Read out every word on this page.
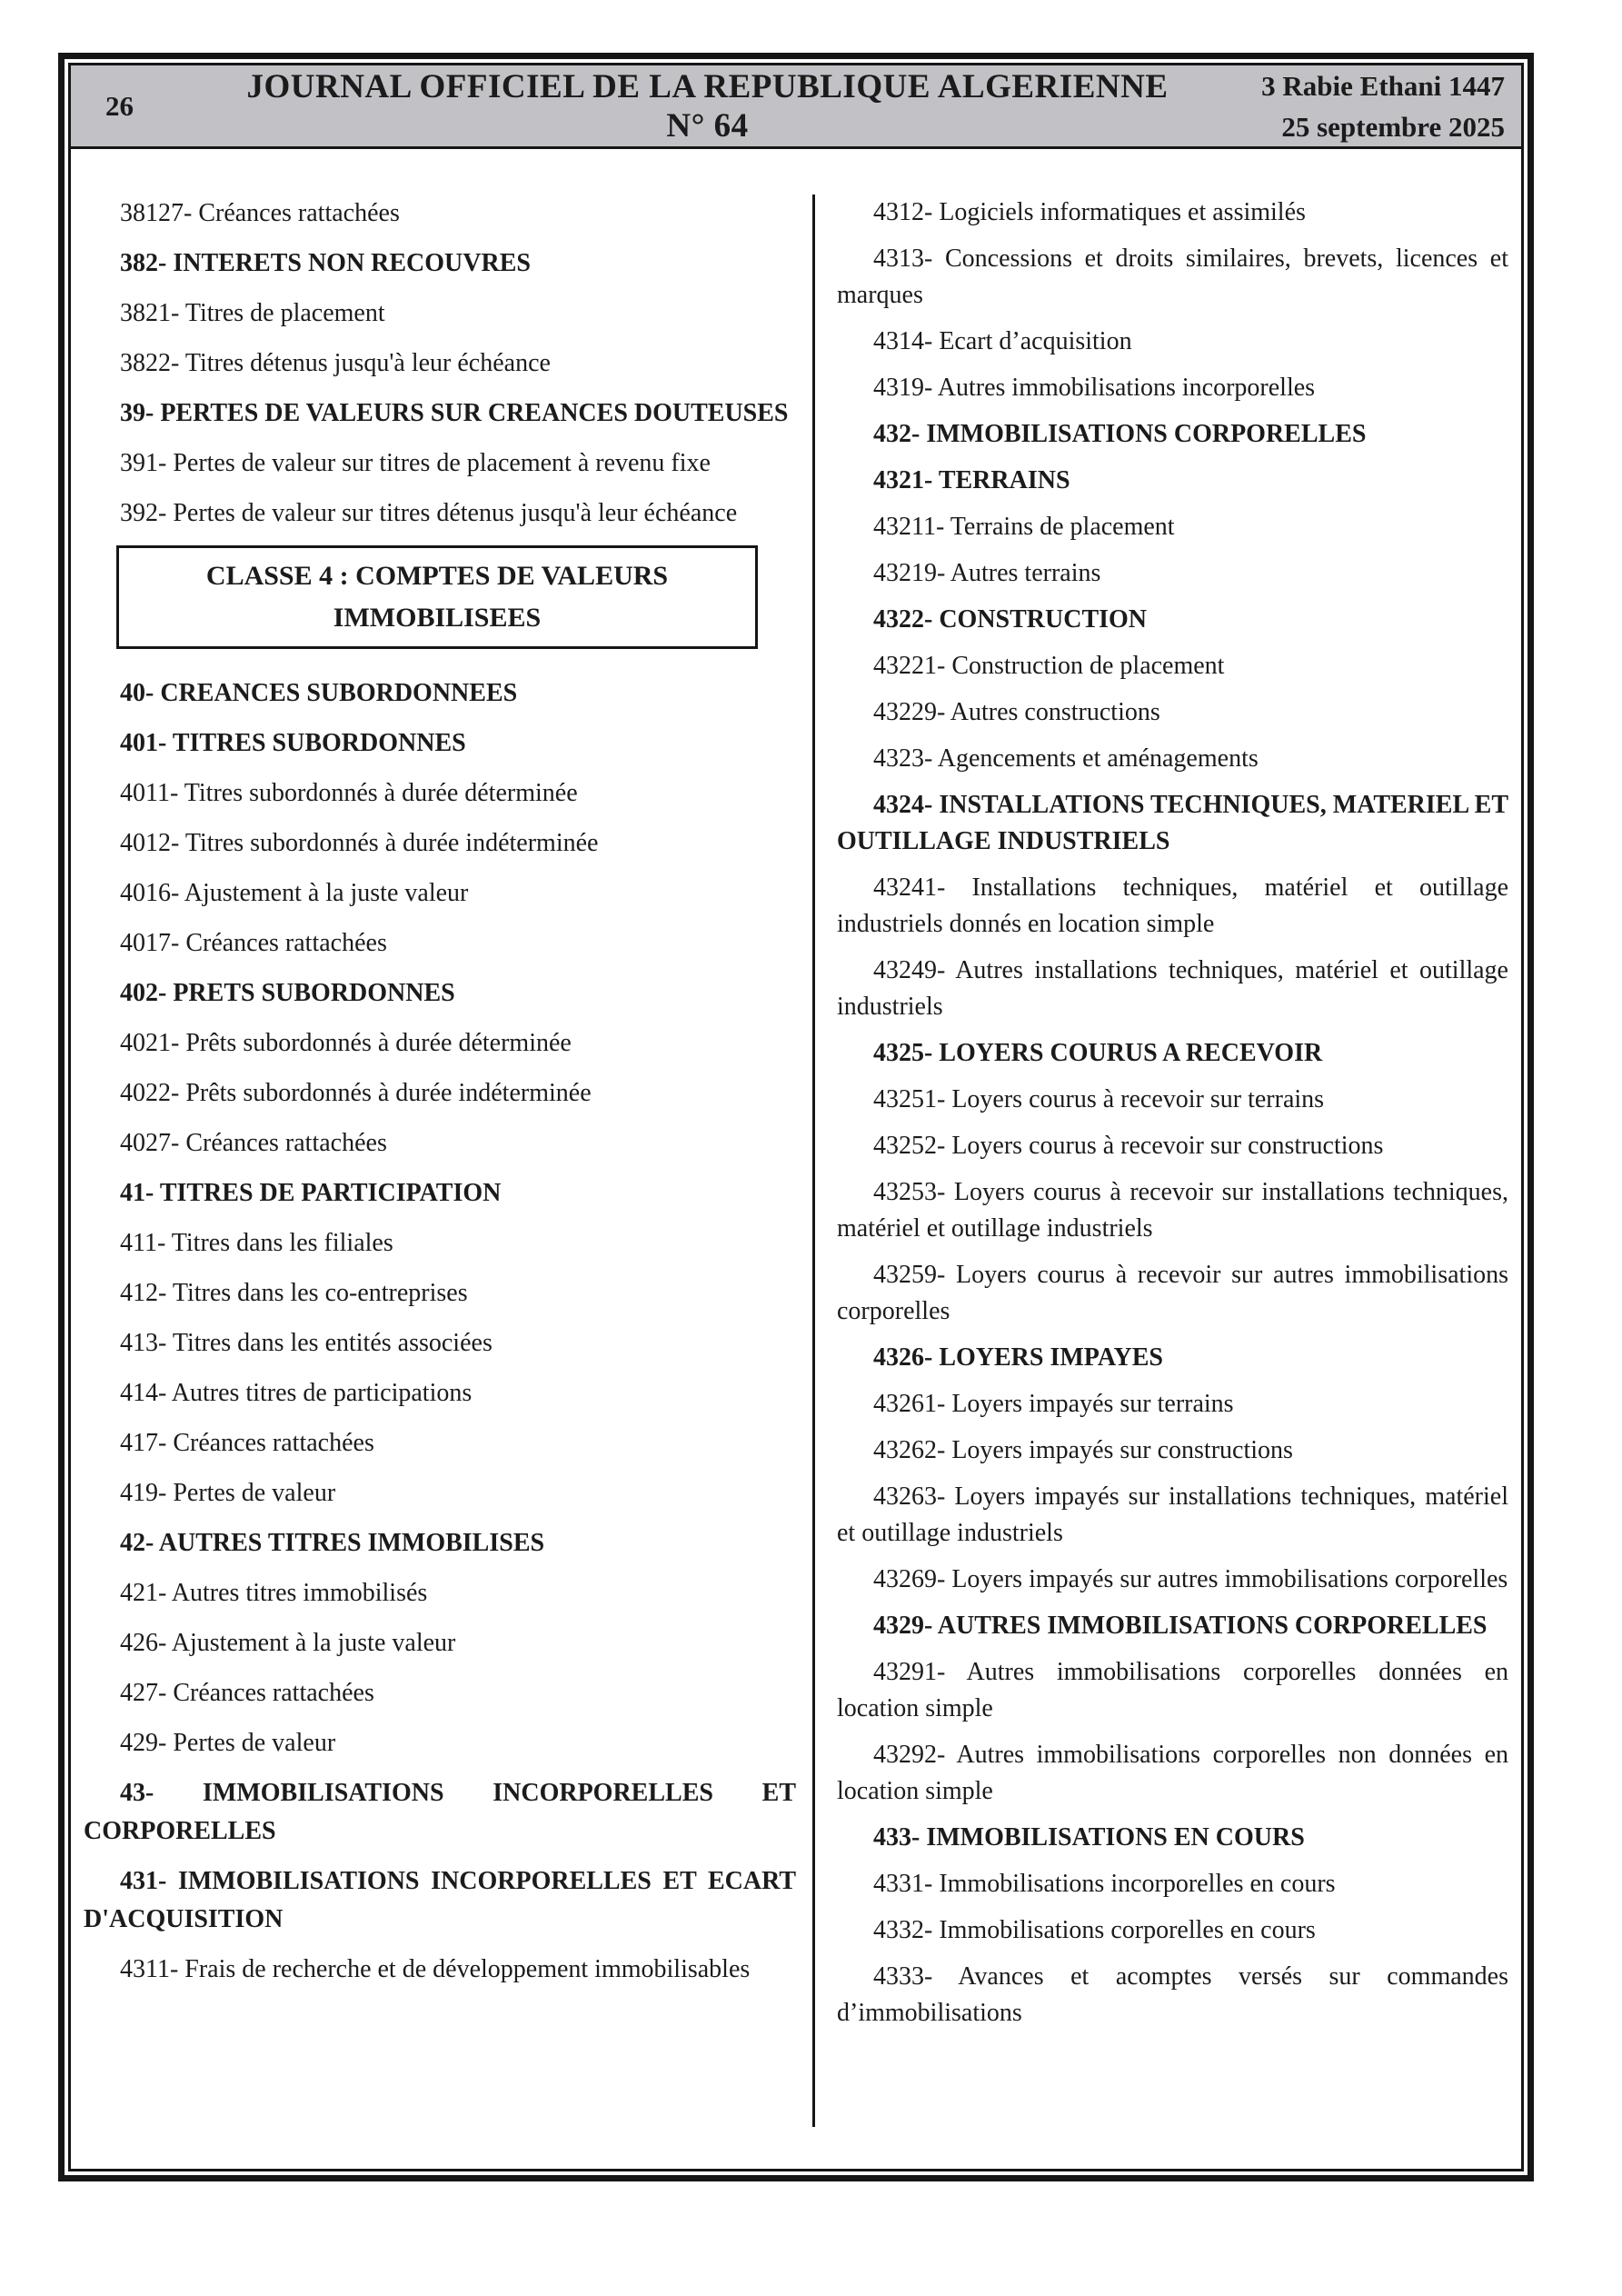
26
JOURNAL OFFICIEL DE LA REPUBLIQUE ALGERIENNE N° 64
3 Rabie Ethani 1447
25 septembre 2025

38127- Créances rattachées

382- INTERETS NON RECOUVRES

3821- Titres de placement

3822- Titres détenus jusqu'à leur échéance

39- PERTES DE VALEURS SUR CREANCES DOUTEUSES

391- Pertes de valeur sur titres de placement à revenu fixe

392- Pertes de valeur sur titres détenus jusqu'à leur échéance

CLASSE 4 : COMPTES DE VALEURS
IMMOBILISEES

40- CREANCES SUBORDONNEES

401- TITRES SUBORDONNES

4011- Titres subordonnés à durée déterminée

4012- Titres subordonnés à durée indéterminée

4016- Ajustement à la juste valeur

4017- Créances rattachées

402- PRETS SUBORDONNES

4021- Prêts subordonnés à durée déterminée

4022- Prêts subordonnés à durée indéterminée

4027- Créances rattachées

41- TITRES DE PARTICIPATION

411- Titres dans les filiales

412- Titres dans les co-entreprises

413- Titres dans les entités associées

414- Autres titres de participations

417- Créances rattachées

419- Pertes de valeur

42- AUTRES TITRES IMMOBILISES

421- Autres titres immobilisés

426- Ajustement à la juste valeur

427- Créances rattachées

429- Pertes de valeur

43- IMMOBILISATIONS INCORPORELLES ET CORPORELLES

431- IMMOBILISATIONS INCORPORELLES ET ECART D'ACQUISITION

4311- Frais de recherche et de développement immobilisables

4312- Logiciels informatiques et assimilés

4313- Concessions et droits similaires, brevets, licences et marques

4314- Ecart d’acquisition

4319- Autres immobilisations incorporelles

432- IMMOBILISATIONS CORPORELLES

4321- TERRAINS

43211- Terrains de placement

43219- Autres terrains

4322- CONSTRUCTION

43221- Construction de placement

43229- Autres constructions

4323- Agencements et aménagements

4324- INSTALLATIONS TECHNIQUES, MATERIEL ET OUTILLAGE INDUSTRIELS

43241- Installations techniques, matériel et outillage industriels donnés en location simple

43249- Autres installations techniques, matériel et outillage industriels

4325- LOYERS COURUS A RECEVOIR

43251- Loyers courus à recevoir sur terrains

43252- Loyers courus à recevoir sur constructions

43253- Loyers courus à recevoir sur installations techniques, matériel et outillage industriels

43259- Loyers courus à recevoir sur autres immobilisations corporelles

4326- LOYERS IMPAYES

43261- Loyers impayés sur terrains

43262- Loyers impayés sur constructions

43263- Loyers impayés sur installations techniques, matériel et outillage industriels

43269- Loyers impayés sur autres immobilisations corporelles

4329- AUTRES IMMOBILISATIONS CORPORELLES

43291- Autres immobilisations corporelles données en location simple

43292- Autres immobilisations corporelles non données en location simple

433- IMMOBILISATIONS EN COURS

4331- Immobilisations incorporelles en cours

4332- Immobilisations corporelles en cours

4333- Avances et acomptes versés sur commandes d’immobilisations
